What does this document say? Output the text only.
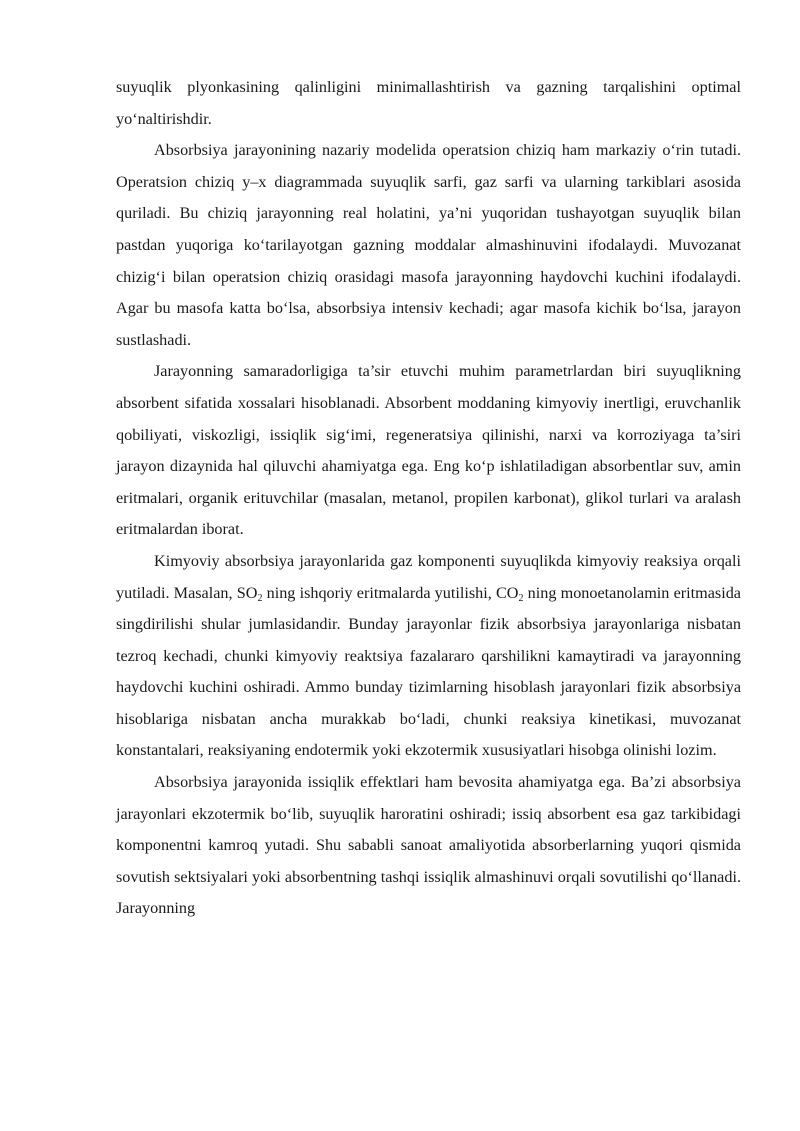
suyuqlik plyonkasining qalinligini minimallashtirish va gazning tarqalishini optimal yo‘naltirishdir.

Absorbsiya jarayonining nazariy modelida operatsion chiziq ham markaziy o‘rin tutadi. Operatsion chiziq y–x diagrammada suyuqlik sarfi, gaz sarfi va ularning tarkiblari asosida quriladi. Bu chiziq jarayonning real holatini, ya’ni yuqoridan tushayotgan suyuqlik bilan pastdan yuqoriga ko‘tarilayotgan gazning moddalar almashinuvini ifodalaydi. Muvozanat chizig‘i bilan operatsion chiziq orasidagi masofa jarayonning haydovchi kuchini ifodalaydi. Agar bu masofa katta bo‘lsa, absorbsiya intensiv kechadi; agar masofa kichik bo‘lsa, jarayon sustlashadi.

Jarayonning samaradorligiga ta’sir etuvchi muhim parametrlardan biri suyuqlikning absorbent sifatida xossalari hisoblanadi. Absorbent moddaning kimyoviy inertligi, eruvchanlik qobiliyati, viskozligi, issiqlik sig‘imi, regeneratsiya qilinishi, narxi va korroziyaga ta’siri jarayon dizaynida hal qiluvchi ahamiyatga ega. Eng ko‘p ishlatiladigan absorbentlar suv, amin eritmalari, organik erituvchilar (masalan, metanol, propilen karbonat), glikol turlari va aralash eritmalardan iborat.

Kimyoviy absorbsiya jarayonlarida gaz komponenti suyuqlikda kimyoviy reaksiya orqali yutiladi. Masalan, $SO_2$ ning ishqoriy eritmalarda yutilishi, $CO_2$ ning monoetanolamin eritmasida singdirilishi shular jumlasidandir. Bunday jarayonlar fizik absorbsiya jarayonlariga nisbatan tezroq kechadi, chunki kimyoviy reaktsiya fazalararo qarshilikni kamaytiradi va jarayonning haydovchi kuchini oshiradi. Ammo bunday tizimlarning hisoblash jarayonlari fizik absorbsiya hisoblariga nisbatan ancha murakkab bo‘ladi, chunki reaksiya kinetikasi, muvozanat konstantalari, reaksiyaning endotermik yoki ekzotermik xususiyatlari hisobga olinishi lozim.

Absorbsiya jarayonida issiqlik effektlari ham bevosita ahamiyatga ega. Ba’zi absorbsiya jarayonlari ekzotermik bo‘lib, suyuqlik haroratini oshiradi; issiq absorbent esa gaz tarkibidagi komponentni kamroq yutadi. Shu sababli sanoat amaliyotida absorberlarning yuqori qismida sovutish sektsiyalari yoki absorbentning tashqi issiqlik almashinuvi orqali sovutilishi qo‘llanadi. Jarayonning
